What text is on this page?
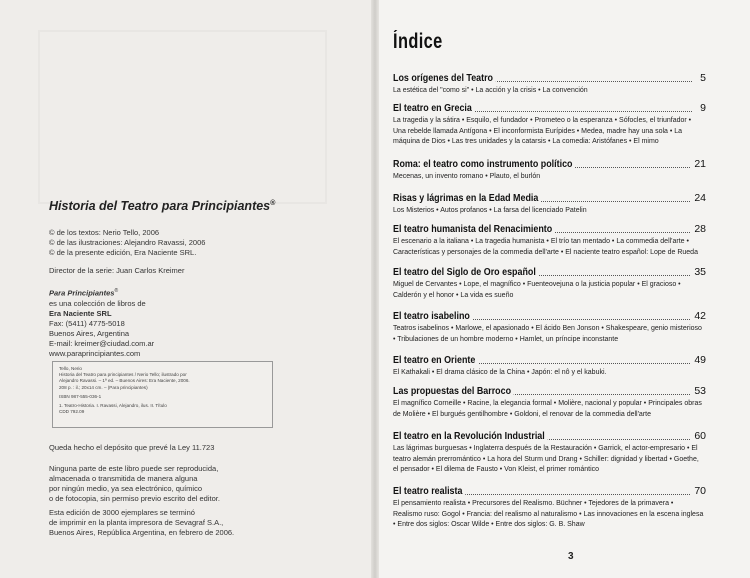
Historia del Teatro para Principiantes®
© de los textos: Nerio Tello, 2006
© de las ilustraciones: Alejandro Ravassi, 2006
© de la presente edición, Era Naciente SRL.
Director de la serie: Juan Carlos Kreimer
Para Principiantes®
es una colección de libros de
Era Naciente SRL
Fax: (5411) 4775-5018
Buenos Aires, Argentina
E-mail: kreimer@ciudad.com.ar
www.paraprincipiantes.com
Tello, Nerio
Historia del Teatro para principiantes / Nerio Tello; ilustrado por
Alejandro Ravassi. – 1ª ed. – Buenos Aires: Era Naciente, 2006.
208 p. : il.; 20x14 cm. – (Para principiantes)
ISBN 987-555-036-1
1. Teatro-Historia. I. Ravassi, Alejandro, ilus. II. Título
CDD 792.09
Queda hecho el depósito que prevé la Ley 11.723
Ninguna parte de este libro puede ser reproducida,
almacenada o transmitida de manera alguna
por ningún medio, ya sea electrónico, químico
o de fotocopia, sin permiso previo escrito del editor.
Esta edición de 3000 ejemplares se terminó
de imprimir en la planta impresora de Sevagraf S.A.,
Buenos Aires, República Argentina, en febrero de 2006.
Índice
Los orígenes del Teatro	5
La estética del "como si" • La acción y la crisis • La convención
El teatro en Grecia	9
La tragedia y la sátira • Esquilo, el fundador • Prometeo o la esperanza • Sófocles, el triunfador • Una rebelde llamada Antígona • El inconformista Eurípides • Medea, madre hay una sola • La máquina de Dios • Las tres unidades y la catarsis • La comedia: Aristófanes • El mimo
Roma: el teatro como instrumento político	21
Mecenas, un invento romano • Plauto, el burlón
Risas y lágrimas en la Edad Media	24
Los Misterios • Autos profanos • La farsa del licenciado Patelin
El teatro humanista del Renacimiento	28
El escenario a la italiana • La tragedia humanista • El trío tan mentado • La commedia dell'arte • Características y personajes de la commedia dell'arte • El naciente teatro español: Lope de Rueda
El teatro del Siglo de Oro español	35
Miguel de Cervantes • Lope, el magnífico • Fuenteovejuna o la justicia popular • El gracioso • Calderón y el honor • La vida es sueño
El teatro isabelino	42
Teatros isabelinos • Marlowe, el apasionado • El ácido Ben Jonson • Shakespeare, genio misterioso • Tribulaciones de un hombre moderno • Hamlet, un príncipe inconstante
El teatro en Oriente	49
El Kathakali • El drama clásico de la China • Japón: el nô y el kabuki.
Las propuestas del Barroco	53
El magnífico Corneille • Racine, la elegancia formal • Molière, nacional y popular • Principales obras de Molière • El burgués gentilhombre • Goldoni, el renovar de la commedia dell'arte
El teatro en la Revolución Industrial	60
Las lágrimas burguesas • Inglaterra después de la Restauración • Garrick, el actor-empresario • El teatro alemán prerromántico • La hora del Sturm und Drang • Schiller: dignidad y libertad • Goethe, el pensador • El dilema de Fausto • Von Kleist, el primer romántico
El teatro realista	70
El pensamiento realista • Precursores del Realismo. Büchner • Tejedores de la primavera • Realismo ruso: Gogol • Francia: del realismo al naturalismo • Las innovaciones en la escena inglesa • Entre dos siglos: Oscar Wilde • Entre dos siglos: G. B. Shaw
3
